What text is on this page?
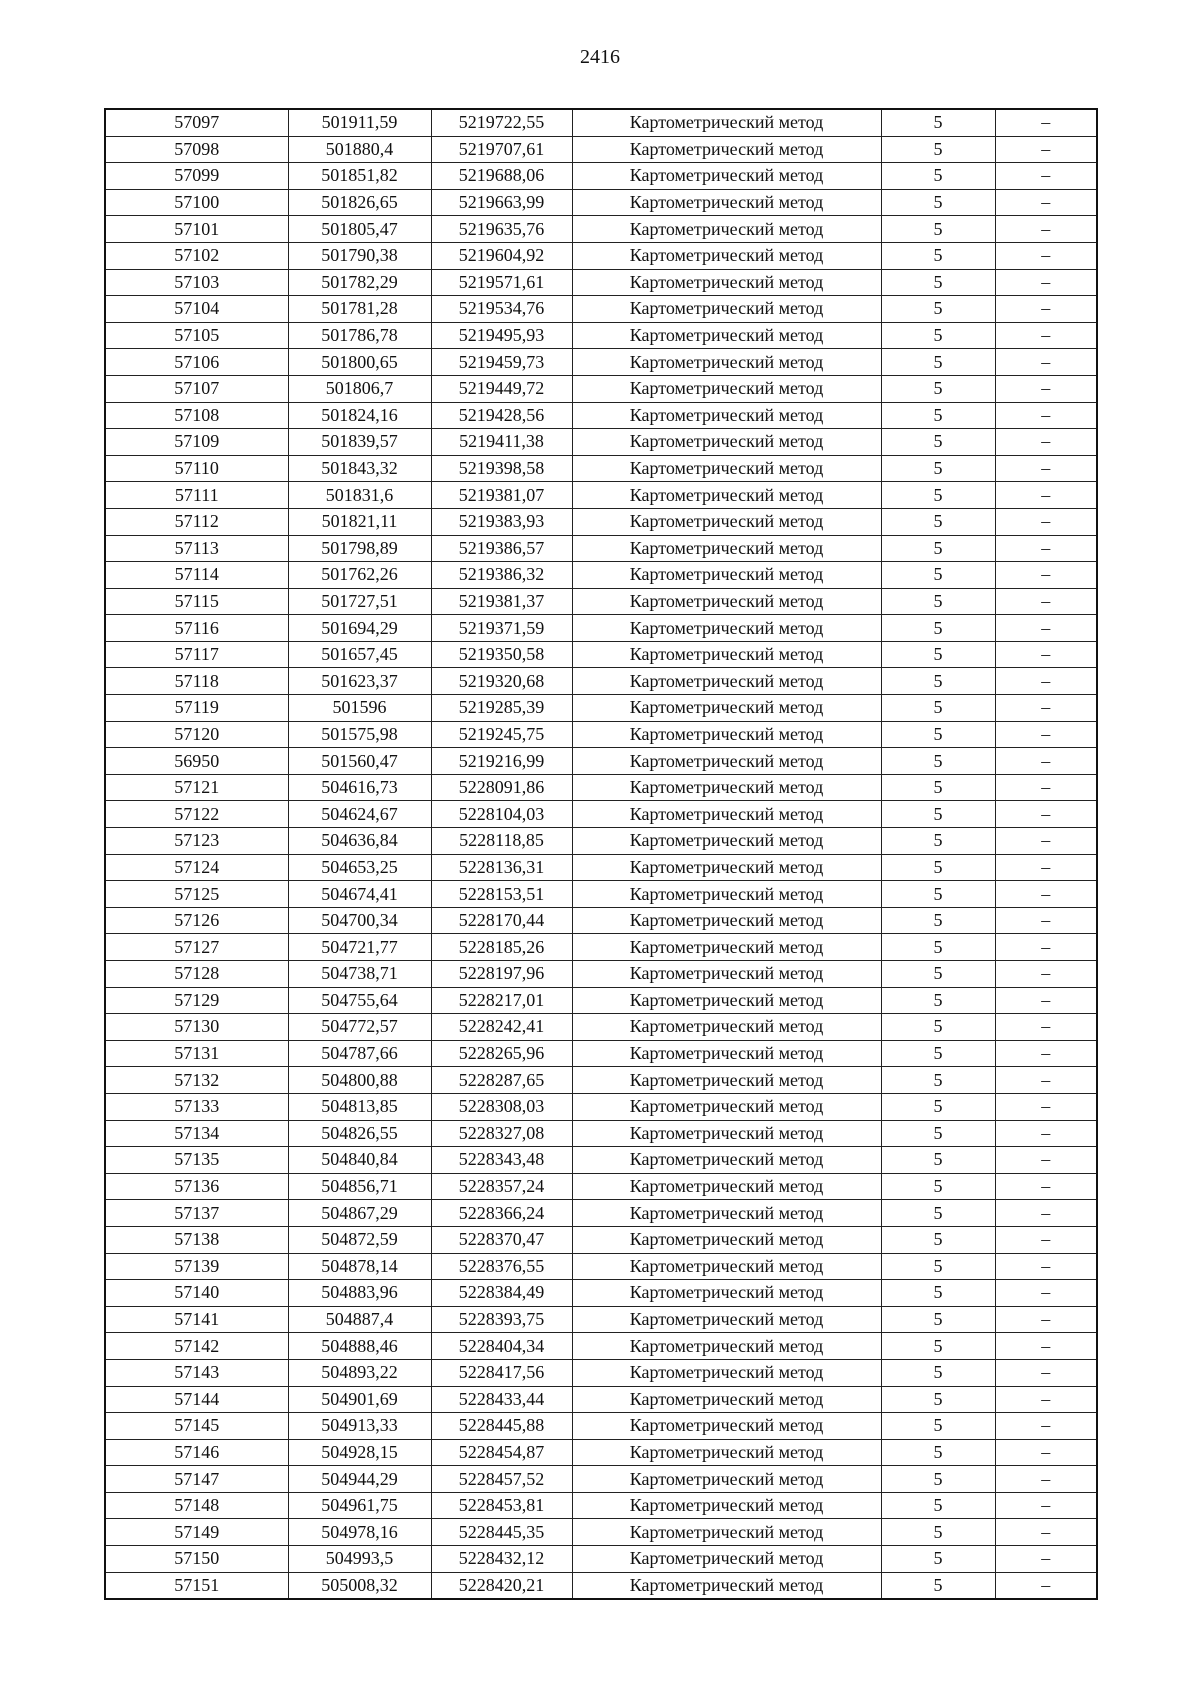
2416
57097	501911,59	5219722,55	Картометрический метод	5	–
57098	501880,4	5219707,61	Картометрический метод	5	–
57099	501851,82	5219688,06	Картометрический метод	5	–
57100	501826,65	5219663,99	Картометрический метод	5	–
57101	501805,47	5219635,76	Картометрический метод	5	–
57102	501790,38	5219604,92	Картометрический метод	5	–
57103	501782,29	5219571,61	Картометрический метод	5	–
57104	501781,28	5219534,76	Картометрический метод	5	–
57105	501786,78	5219495,93	Картометрический метод	5	–
57106	501800,65	5219459,73	Картометрический метод	5	–
57107	501806,7	5219449,72	Картометрический метод	5	–
57108	501824,16	5219428,56	Картометрический метод	5	–
57109	501839,57	5219411,38	Картометрический метод	5	–
57110	501843,32	5219398,58	Картометрический метод	5	–
57111	501831,6	5219381,07	Картометрический метод	5	–
57112	501821,11	5219383,93	Картометрический метод	5	–
57113	501798,89	5219386,57	Картометрический метод	5	–
57114	501762,26	5219386,32	Картометрический метод	5	–
57115	501727,51	5219381,37	Картометрический метод	5	–
57116	501694,29	5219371,59	Картометрический метод	5	–
57117	501657,45	5219350,58	Картометрический метод	5	–
57118	501623,37	5219320,68	Картометрический метод	5	–
57119	501596	5219285,39	Картометрический метод	5	–
57120	501575,98	5219245,75	Картометрический метод	5	–
56950	501560,47	5219216,99	Картометрический метод	5	–
57121	504616,73	5228091,86	Картометрический метод	5	–
57122	504624,67	5228104,03	Картометрический метод	5	–
57123	504636,84	5228118,85	Картометрический метод	5	–
57124	504653,25	5228136,31	Картометрический метод	5	–
57125	504674,41	5228153,51	Картометрический метод	5	–
57126	504700,34	5228170,44	Картометрический метод	5	–
57127	504721,77	5228185,26	Картометрический метод	5	–
57128	504738,71	5228197,96	Картометрический метод	5	–
57129	504755,64	5228217,01	Картометрический метод	5	–
57130	504772,57	5228242,41	Картометрический метод	5	–
57131	504787,66	5228265,96	Картометрический метод	5	–
57132	504800,88	5228287,65	Картометрический метод	5	–
57133	504813,85	5228308,03	Картометрический метод	5	–
57134	504826,55	5228327,08	Картометрический метод	5	–
57135	504840,84	5228343,48	Картометрический метод	5	–
57136	504856,71	5228357,24	Картометрический метод	5	–
57137	504867,29	5228366,24	Картометрический метод	5	–
57138	504872,59	5228370,47	Картометрический метод	5	–
57139	504878,14	5228376,55	Картометрический метод	5	–
57140	504883,96	5228384,49	Картометрический метод	5	–
57141	504887,4	5228393,75	Картометрический метод	5	–
57142	504888,46	5228404,34	Картометрический метод	5	–
57143	504893,22	5228417,56	Картометрический метод	5	–
57144	504901,69	5228433,44	Картометрический метод	5	–
57145	504913,33	5228445,88	Картометрический метод	5	–
57146	504928,15	5228454,87	Картометрический метод	5	–
57147	504944,29	5228457,52	Картометрический метод	5	–
57148	504961,75	5228453,81	Картометрический метод	5	–
57149	504978,16	5228445,35	Картометрический метод	5	–
57150	504993,5	5228432,12	Картометрический метод	5	–
57151	505008,32	5228420,21	Картометрический метод	5	–
